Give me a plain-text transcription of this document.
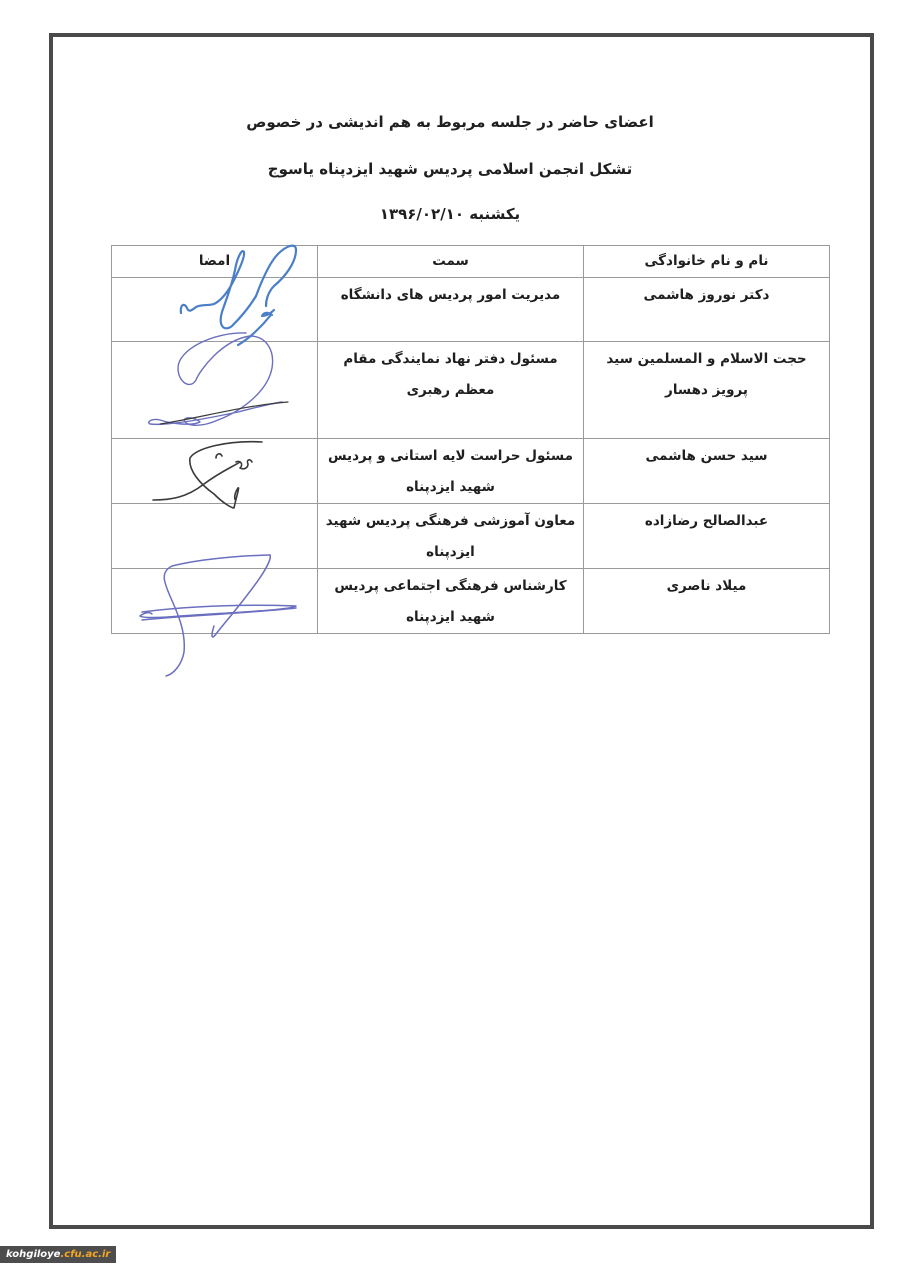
اعضای حاضر در جلسه مربوط به هم اندیشی در خصوص
تشکل انجمن اسلامی پردیس شهید ایزدپناه یاسوج
یکشنبه ۱۳۹۶/۰۲/۱۰
نام و نام خانوادگی	سمت	امضا
دکتر نوروز هاشمی	مدیریت امور پردیس های دانشگاه	
حجت الاسلام و المسلمین سید پرویز دهسار	مسئول دفتر نهاد نمایندگی مقام معظم رهبری	
سید حسن هاشمی	مسئول حراست لایه استانی و پردیس شهید ایزدپناه	
عبدالصالح رضازاده	معاون آموزشی فرهنگی پردیس شهید ایزدپناه	
میلاد ناصری	کارشناس فرهنگی اجتماعی پردیس شهید ایزدپناه	
kohgiloye.cfu.ac.ir
